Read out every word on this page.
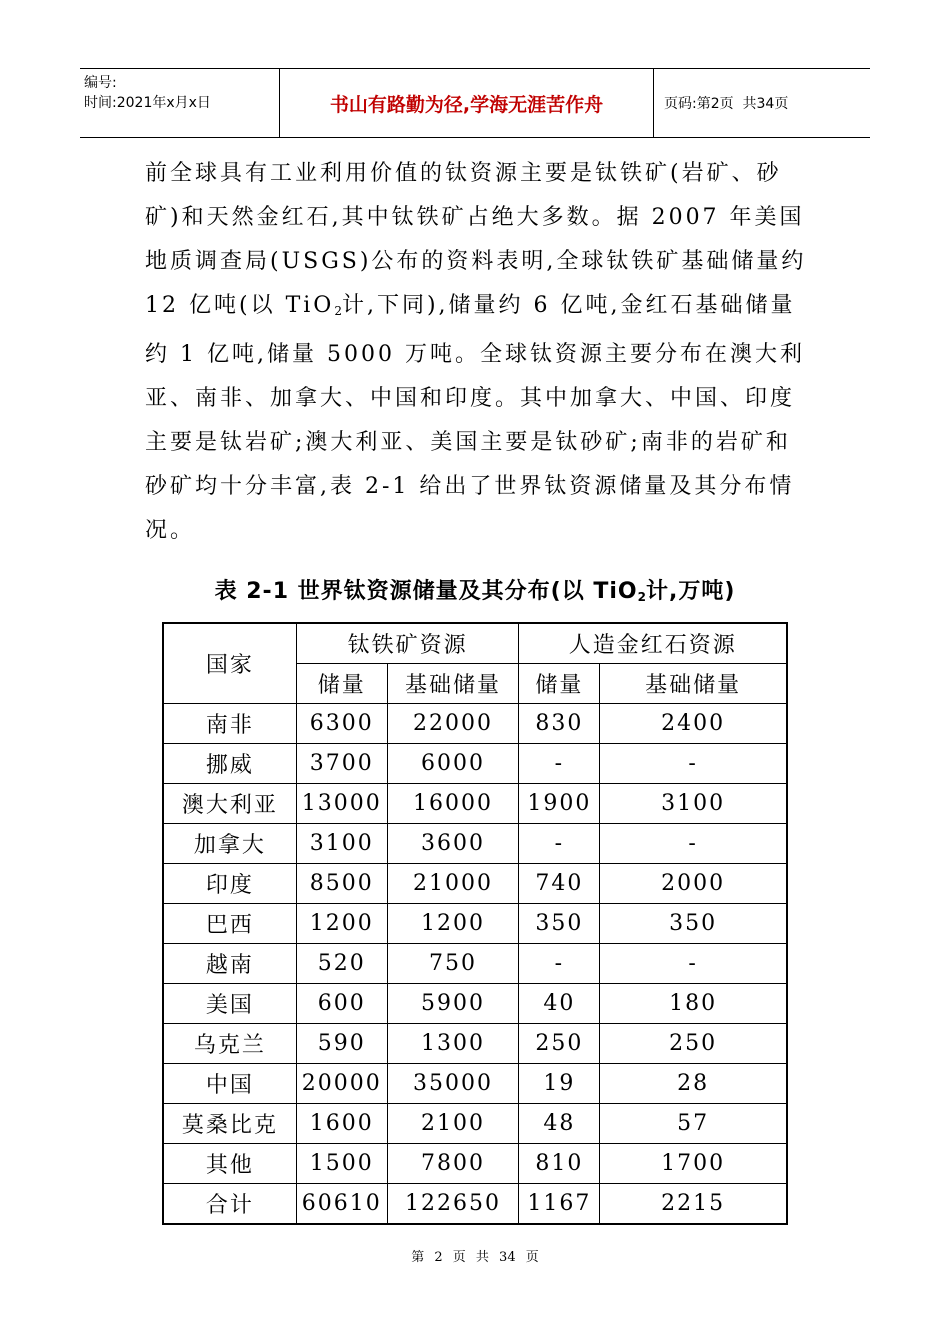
编号:
时间:2021年x月x日	书山有路勤为径,学海无涯苦作舟	页码:第2页  共34页

前全球具有工业利用价值的钛资源主要是钛铁矿(岩矿、砂矿)和天然金红石,其中钛铁矿占绝大多数。据 2007 年美国地质调查局(USGS)公布的资料表明,全球钛铁矿基础储量约 12 亿吨(以 TiO$_2$计,下同),储量约 6 亿吨,金红石基础储量约 1 亿吨,储量 5000 万吨。全球钛资源主要分布在澳大利亚、南非、加拿大、中国和印度。其中加拿大、中国、印度主要是钛岩矿;澳大利亚、美国主要是钛砂矿;南非的岩矿和砂矿均十分丰富,表 2-1 给出了世界钛资源储量及其分布情况。

表 2-1 世界钛资源储量及其分布(以 TiO$_2$计,万吨)
国家	钛铁矿资源		人造金红石资源	
	储量	基础储量	储量	基础储量
南非	6300	22000	830	2400
挪威	3700	6000	-	-
澳大利亚	13000	16000	1900	3100
加拿大	3100	3600	-	-
印度	8500	21000	740	2000
巴西	1200	1200	350	350
越南	520	750	-	-
美国	600	5900	40	180
乌克兰	590	1300	250	250
中国	20000	35000	19	28
莫桑比克	1600	2100	48	57
其他	1500	7800	810	1700
合计	60610	122650	1167	2215
第 2 页 共 34 页
